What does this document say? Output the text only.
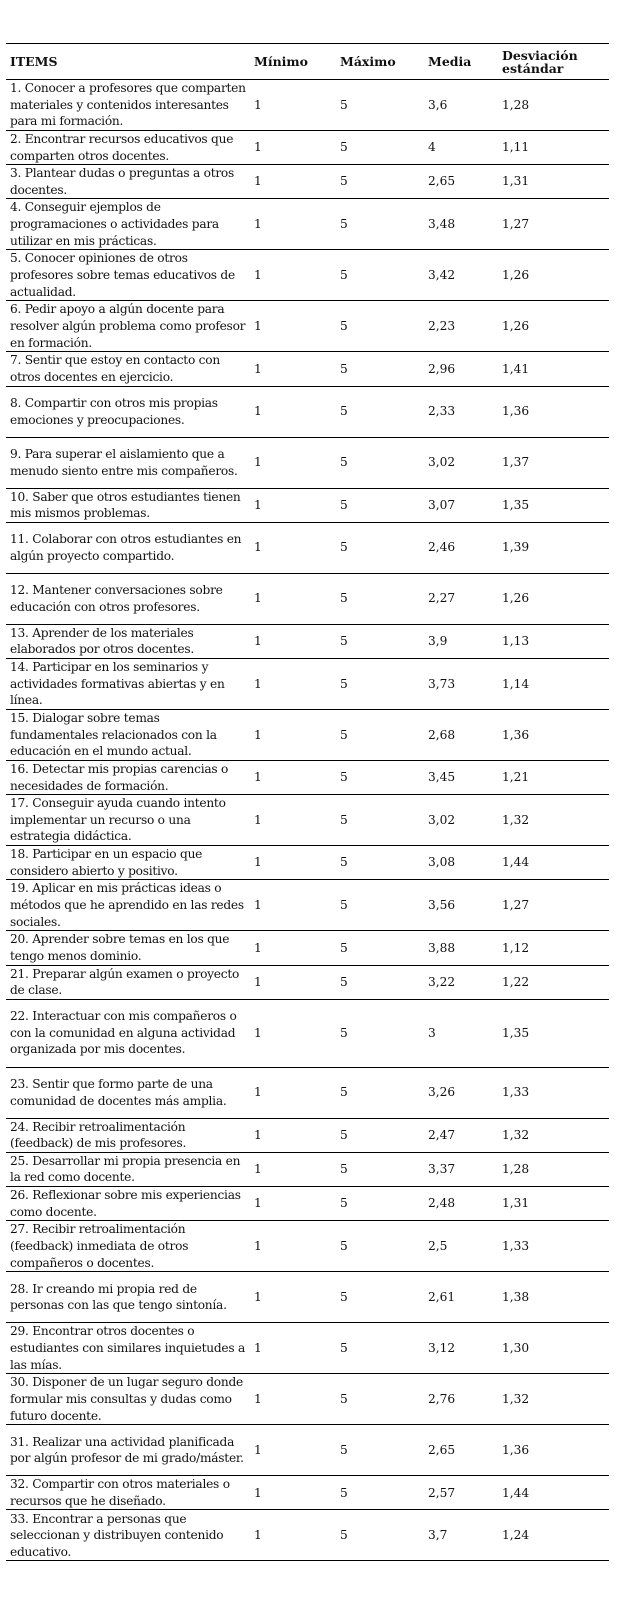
ITEMS	Mínimo	Máximo	Media	Desviación estándar
1. Conocer a profesores que comparten materiales y contenidos interesantes para mi formación.	1	5	3,6	1,28
2. Encontrar recursos educativos que comparten otros docentes.	1	5	4	1,11
3. Plantear dudas o preguntas a otros docentes.	1	5	2,65	1,31
4. Conseguir ejemplos de programaciones o actividades para utilizar en mis prácticas.	1	5	3,48	1,27
5. Conocer opiniones de otros profesores sobre temas educativos de actualidad.	1	5	3,42	1,26
6. Pedir apoyo a algún docente para resolver algún problema como profesor en formación.	1	5	2,23	1,26
7. Sentir que estoy en contacto con otros docentes en ejercicio.	1	5	2,96	1,41
8. Compartir con otros mis propias emociones y preocupaciones.	1	5	2,33	1,36
9. Para superar el aislamiento que a menudo siento entre mis compañeros.	1	5	3,02	1,37
10. Saber que otros estudiantes tienen mis mismos problemas.	1	5	3,07	1,35
11. Colaborar con otros estudiantes en algún proyecto compartido.	1	5	2,46	1,39
12. Mantener conversaciones sobre educación con otros profesores.	1	5	2,27	1,26
13. Aprender de los materiales elaborados por otros docentes.	1	5	3,9	1,13
14. Participar en los seminarios y actividades formativas abiertas y en línea.	1	5	3,73	1,14
15. Dialogar sobre temas fundamentales relacionados con la educación en el mundo actual.	1	5	2,68	1,36
16. Detectar mis propias carencias o necesidades de formación.	1	5	3,45	1,21
17. Conseguir ayuda cuando intento implementar un recurso o una estrategia didáctica.	1	5	3,02	1,32
18. Participar en un espacio que considero abierto y positivo.	1	5	3,08	1,44
19. Aplicar en mis prácticas ideas o métodos que he aprendido en las redes sociales.	1	5	3,56	1,27
20. Aprender sobre temas en los que tengo menos dominio.	1	5	3,88	1,12
21. Preparar algún examen o proyecto de clase.	1	5	3,22	1,22
22. Interactuar con mis compañeros o con la comunidad en alguna actividad organizada por mis docentes.	1	5	3	1,35
23. Sentir que formo parte de una comunidad de docentes más amplia.	1	5	3,26	1,33
24. Recibir retroalimentación (feedback) de mis profesores.	1	5	2,47	1,32
25. Desarrollar mi propia presencia en la red como docente.	1	5	3,37	1,28
26. Reflexionar sobre mis experiencias como docente.	1	5	2,48	1,31
27. Recibir retroalimentación (feedback) inmediata de otros compañeros o docentes.	1	5	2,5	1,33
28. Ir creando mi propia red de personas con las que tengo sintonía.	1	5	2,61	1,38
29. Encontrar otros docentes o estudiantes con similares inquietudes a las mías.	1	5	3,12	1,30
30. Disponer de un lugar seguro donde formular mis consultas y dudas como futuro docente.	1	5	2,76	1,32
31. Realizar una actividad planificada por algún profesor de mi grado/máster.	1	5	2,65	1,36
32. Compartir con otros materiales o recursos que he diseñado.	1	5	2,57	1,44
33. Encontrar a personas que seleccionan y distribuyen contenido educativo.	1	5	3,7	1,24
